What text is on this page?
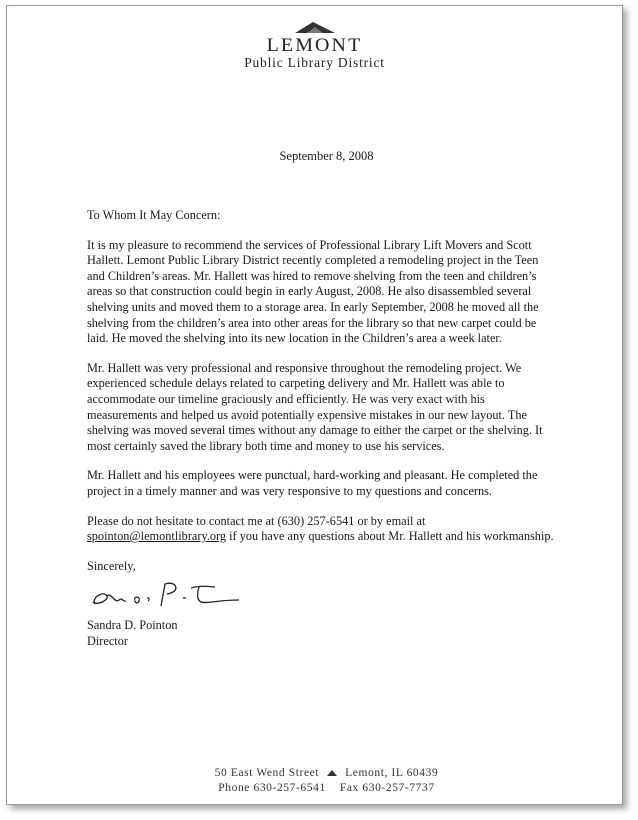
LEMONT
Public Library District
September 8, 2008

To Whom It May Concern:

It is my pleasure to recommend the services of Professional Library Lift Movers and Scott Hallett. Lemont Public Library District recently completed a remodeling project in the Teen and Children’s areas. Mr. Hallett was hired to remove shelving from the teen and children’s areas so that construction could begin in early August, 2008. He also disassembled several shelving units and moved them to a storage area. In early September, 2008 he moved all the shelving from the children’s area into other areas for the library so that new carpet could be laid. He moved the shelving into its new location in the Children’s area a week later.

Mr. Hallett was very professional and responsive throughout the remodeling project. We experienced schedule delays related to carpeting delivery and Mr. Hallett was able to accommodate our timeline graciously and efficiently. He was very exact with his measurements and helped us avoid potentially expensive mistakes in our new layout. The shelving was moved several times without any damage to either the carpet or the shelving. It most certainly saved the library both time and money to use his services.

Mr. Hallett and his employees were punctual, hard-working and pleasant. He completed the project in a timely manner and was very responsive to my questions and concerns.

Please do not hesitate to contact me at (630) 257-6541 or by email at
spointon@lemontlibrary.org if you have any questions about Mr. Hallett and his workmanship.

Sincerely,

Sandra D. Pointon

Director

50 East Wend Street Lemont, IL 60439
Phone 630-257-6541 Fax 630-257-7737
